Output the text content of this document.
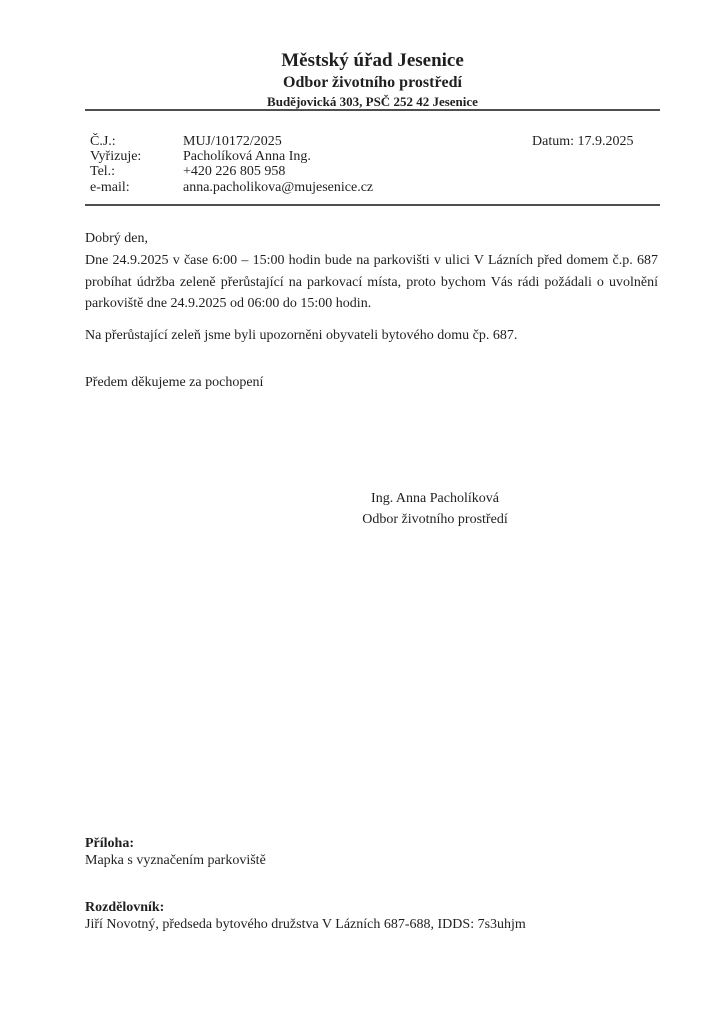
Městský úřad Jesenice
Odbor životního prostředí
Budějovická 303, PSČ 252 42 Jesenice
Č.J.:	MUJ/10172/2025
Vyřizuje:	Pacholíková Anna Ing.
Tel.:	+420 226 805 958
e-mail:	anna.pacholikova@mujesenice.cz
Datum: 17.9.2025
Dobrý den,
Dne 24.9.2025 v čase 6:00 – 15:00 hodin bude na parkovišti v ulici V Lázních před domem č.p. 687
probíhat údržba zeleně přerůstající na parkovací místa, proto bychom Vás rádi požádali o uvolnění
parkoviště dne 24.9.2025 od 06:00 do 15:00 hodin.
Na přerůstající zeleň jsme byli upozorněni obyvateli bytového domu čp. 687.
Předem děkujeme za pochopení
Ing. Anna Pacholíková
Odbor životního prostředí
Příloha:
Mapka s vyznačením parkoviště
Rozdělovník:
Jiří Novotný, předseda bytového družstva V Lázních 687-688, IDDS: 7s3uhjm
